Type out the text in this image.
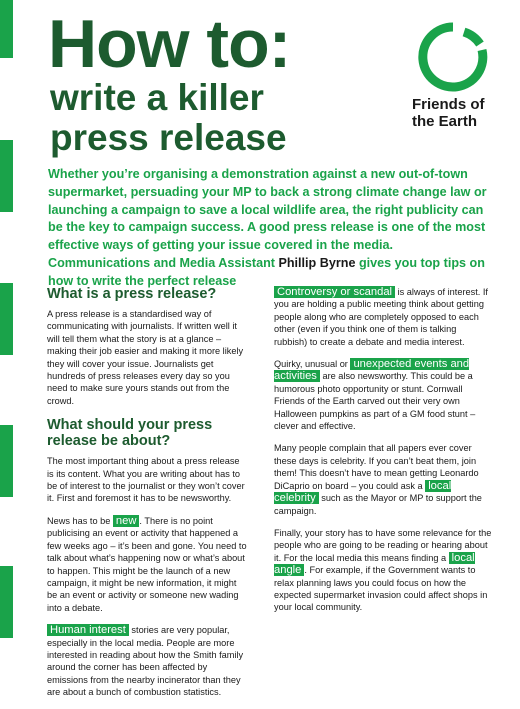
How to:
write a killer
press release
Friends of
the Earth

Whether you’re organising a demonstration against a new out-of-town supermarket, persuading your MP to back a strong climate change law or launching a campaign to save a local wildlife area, the right publicity can be the key to campaign success. A good press release is one of the most effective ways of getting your issue covered in the media. Communications and Media Assistant Phillip Byrne gives you top tips on how to write the perfect release

What is a press release?

A press release is a standardised way of communicating with journalists. If written well it will tell them what the story is at a glance – making their job easier and making it more likely they will cover your issue. Journalists get hundreds of press releases every day so you need to make sure yours stands out from the crowd.

What should your press release be about?

The most important thing about a press release is its content. What you are writing about has to be of interest to the journalist or they won’t cover it. First and foremost it has to be newsworthy.

News has to be new . There is no point publicising an event or activity that happened a few weeks ago – it’s been and gone. You need to talk about what’s happening now or what’s about to happen. This might be the launch of a new campaign, it might be new information, it might be an event or activity or someone new wading into a debate.

Human interest stories are very popular, especially in the local media. People are more interested in reading about how the Smith family around the corner has been affected by emissions from the nearby incinerator than they are about a bunch of combustion statistics.

Controversy or scandal is always of interest. If you are holding a public meeting think about getting people along who are completely opposed to each other (even if you think one of them is talking rubbish) to create a debate and media interest.

Quirky, unusual or unexpected events and activities are also newsworthy. This could be a humorous photo opportunity or stunt. Cornwall Friends of the Earth carved out their very own Halloween pumpkins as part of a GM food stunt – clever and effective.

Many people complain that all papers ever cover these days is celebrity. If you can’t beat them, join them! This doesn’t have to mean getting Leonardo DiCaprio on board – you could ask a local celebrity such as the Mayor or MP to support the campaign.

Finally, your story has to have some relevance for the people who are going to be reading or hearing about it. For the local media this means finding a local angle . For example, if the Government wants to relax planning laws you could focus on how the expected supermarket invasion could affect shops in your local community.
